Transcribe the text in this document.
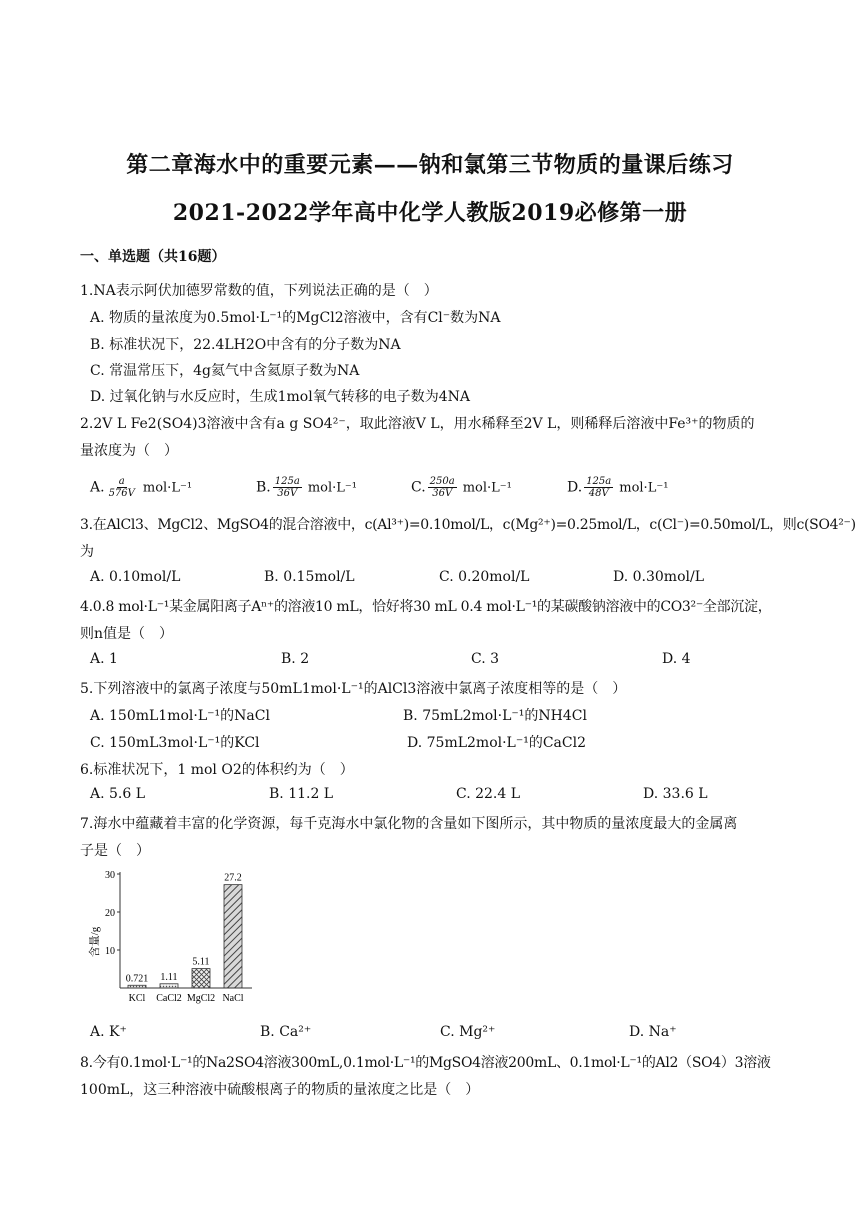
第二章海水中的重要元素——钠和氯第三节物质的量课后练习
2021-2022学年高中化学人教版2019必修第一册
一、单选题（共16题）
1.NA表示阿伏加德罗常数的值，下列说法正确的是（　）
A. 物质的量浓度为0.5mol·L⁻¹的MgCl2溶液中，含有Cl⁻数为NA
B. 标准状况下，22.4LH2O中含有的分子数为NA
C. 常温常压下，4g氦气中含氦原子数为NA
D. 过氧化钠与水反应时，生成1mol氧气转移的电子数为4NA
2.2V L Fe2(SO4)3溶液中含有a g SO4²⁻，取此溶液V L，用水稀释至2V L，则稀释后溶液中Fe³⁺的物质的
量浓度为（　）
A. $\frac{a}{576V} mol\cdot L^{-1}$	B. $\frac{125a}{36V} mol\cdot L^{-1}$	C. $\frac{250a}{36V} mol\cdot L^{-1}$	D. $\frac{125a}{48V} mol\cdot L^{-1}$
3.在AlCl3、MgCl2、MgSO4的混合溶液中，c(Al³⁺)=0.10mol/L，c(Mg²⁺)=0.25mol/L，c(Cl⁻)=0.50mol/L，则c(SO4²⁻)
为
A. 0.10mol/L	B. 0.15mol/L	C. 0.20mol/L	D. 0.30mol/L
4.0.8 mol·L⁻¹某金属阳离子Aⁿ⁺的溶液10 mL，恰好将30 mL 0.4 mol·L⁻¹的某碳酸钠溶液中的CO3²⁻全部沉淀，
则n值是（　）
A. 1	B. 2	C. 3	D. 4
5.下列溶液中的氯离子浓度与50mL1mol·L⁻¹的AlCl3溶液中氯离子浓度相等的是（　）
A. 150mL1mol·L⁻¹的NaCl	B. 75mL2mol·L⁻¹的NH4Cl
C. 150mL3mol·L⁻¹的KCl	D. 75mL2mol·L⁻¹的CaCl2
6.标准状况下，1 mol O2的体积约为（　）
A. 5.6 L	B. 11.2 L	C. 22.4 L	D. 33.6 L
7.海水中蕴藏着丰富的化学资源，每千克海水中氯化物的含量如下图所示，其中物质的量浓度最大的金属离
子是（　）
10
20
30
0.721
KCl
1.11
CaCl2
5.11
MgCl2
27.2
NaCl
含量/g
A. K⁺	B. Ca²⁺	C. Mg²⁺	D. Na⁺
8.今有0.1mol·L⁻¹的Na2SO4溶液300mL,0.1mol·L⁻¹的MgSO4溶液200mL、0.1mol·L⁻¹的Al2（SO4）3溶液
100mL，这三种溶液中硫酸根离子的物质的量浓度之比是（　）
